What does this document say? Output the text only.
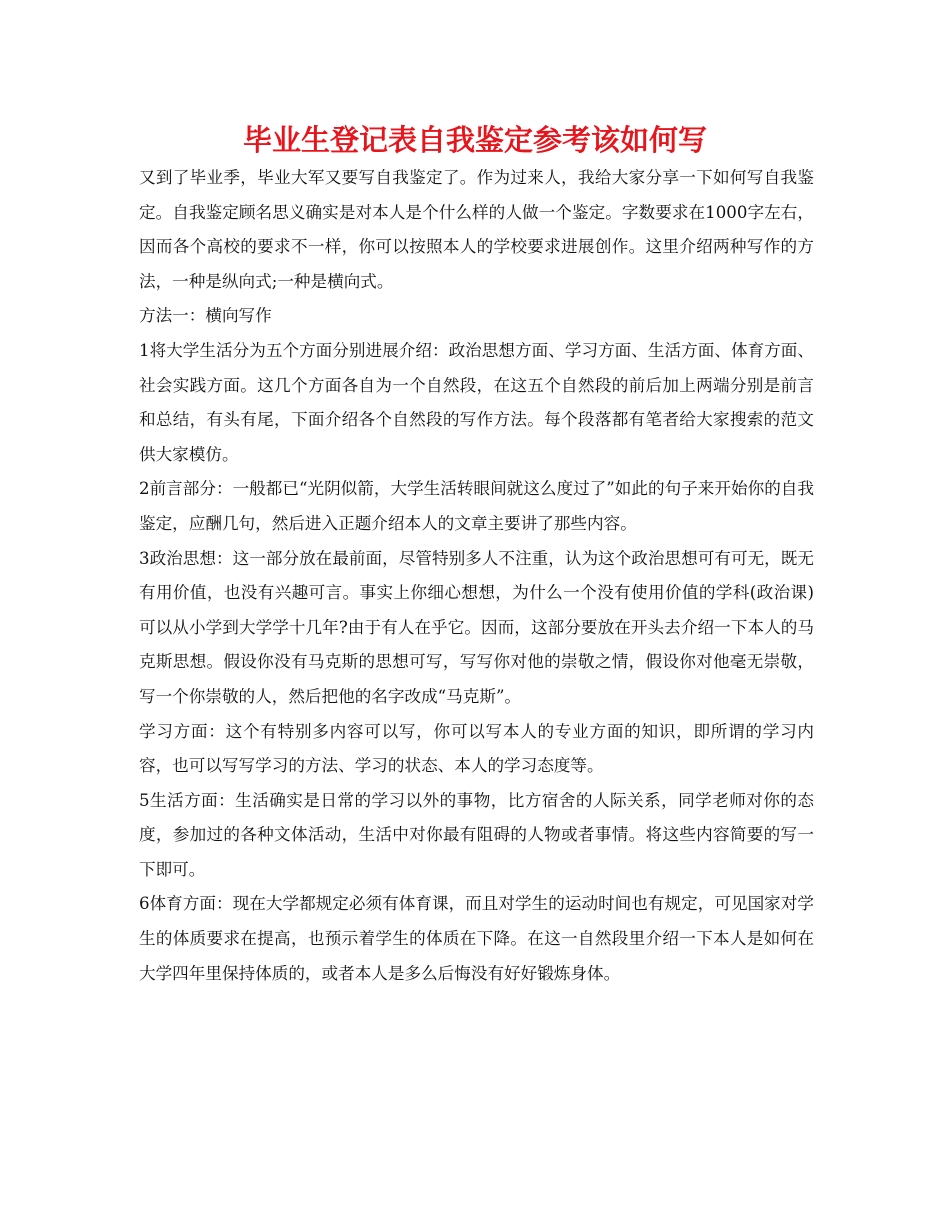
毕业生登记表自我鉴定参考该如何写

又到了毕业季，毕业大军又要写自我鉴定了。作为过来人，我给大家分享一下如何写自我鉴定。自我鉴定顾名思义确实是对本人是个什么样的人做一个鉴定。字数要求在1000字左右，因而各个高校的要求不一样，你可以按照本人的学校要求进展创作。这里介绍两种写作的方法，一种是纵向式;一种是横向式。

方法一：横向写作

1将大学生活分为五个方面分别进展介绍：政治思想方面、学习方面、生活方面、体育方面、社会实践方面。这几个方面各自为一个自然段，在这五个自然段的前后加上两端分别是前言和总结，有头有尾，下面介绍各个自然段的写作方法。每个段落都有笔者给大家搜索的范文供大家模仿。

2前言部分：一般都已“光阴似箭，大学生活转眼间就这么度过了”如此的句子来开始你的自我鉴定，应酬几句，然后进入正题介绍本人的文章主要讲了那些内容。

3政治思想：这一部分放在最前面，尽管特别多人不注重，认为这个政治思想可有可无，既无有用价值，也没有兴趣可言。事实上你细心想想，为什么一个没有使用价值的学科(政治课)可以从小学到大学学十几年?由于有人在乎它。因而，这部分要放在开头去介绍一下本人的马克斯思想。假设你没有马克斯的思想可写，写写你对他的崇敬之情，假设你对他毫无崇敬，写一个你崇敬的人，然后把他的名字改成“马克斯”。

学习方面：这个有特别多内容可以写，你可以写本人的专业方面的知识，即所谓的学习内容，也可以写写学习的方法、学习的状态、本人的学习态度等。

5生活方面：生活确实是日常的学习以外的事物，比方宿舍的人际关系，同学老师对你的态度，参加过的各种文体活动，生活中对你最有阻碍的人物或者事情。将这些内容简要的写一下即可。

6体育方面：现在大学都规定必须有体育课，而且对学生的运动时间也有规定，可见国家对学生的体质要求在提高，也预示着学生的体质在下降。在这一自然段里介绍一下本人是如何在大学四年里保持体质的，或者本人是多么后悔没有好好锻炼身体。
